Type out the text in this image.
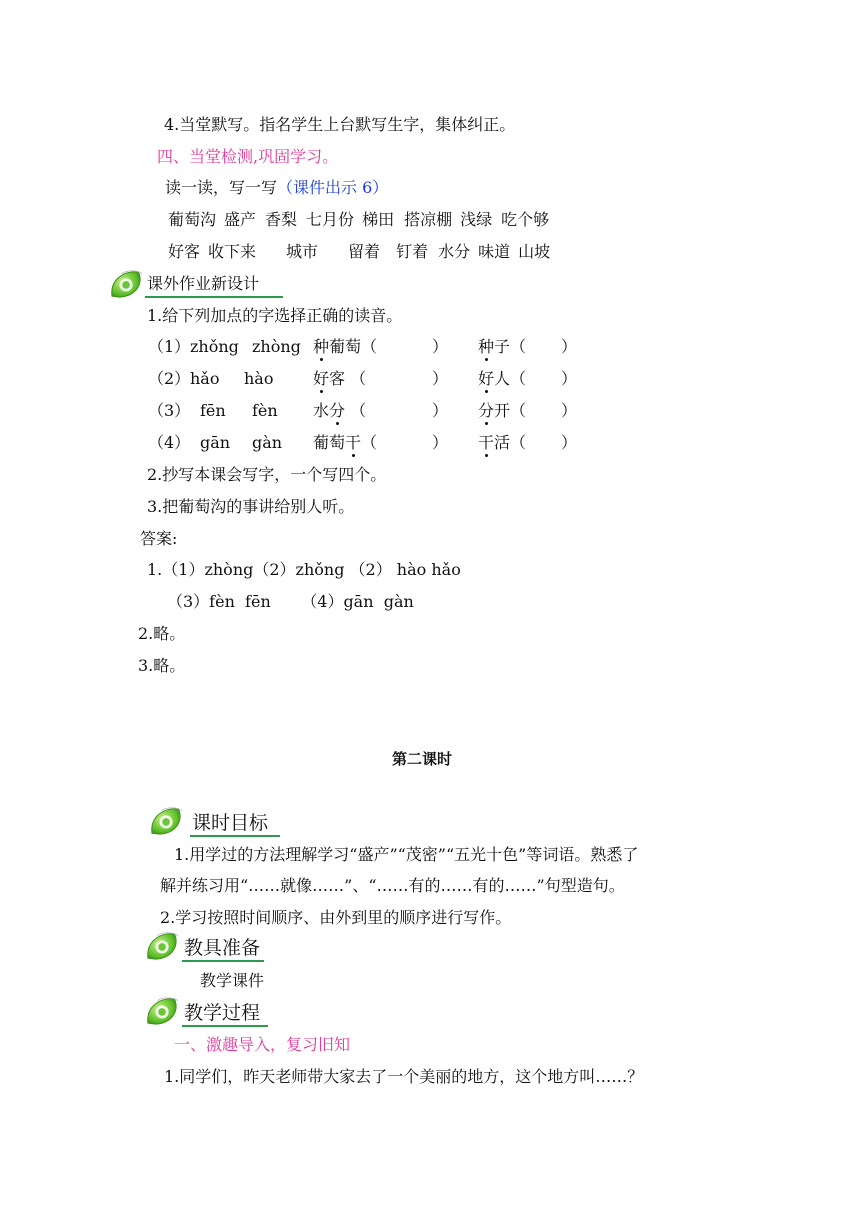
4.当堂默写。指名学生上台默写生字，集体纠正。
四、当堂检测,巩固学习。
读一读，写一写（课件出示 6）
葡萄沟 盛产 香梨 七月份 梯田 搭凉棚 浅绿 吃个够
好客 收下来 城市 留着 钉着 水分 味道 山坡
课外作业新设计
1.给下列加点的字选择正确的读音。
（1） zhǒng zhòng 种葡萄（	） 种子（ ）
（2） hǎo hào 好客 （	） 好人（ ）
（3） fēn fèn 水分 （	） 分开（ ）
（4） gān gàn 葡萄干（	） 干活（ ）
2.抄写本课会写字，一个写四个。
3.把葡萄沟的事讲给别人听。
答案:
1.（1）zhòng（2）zhǒng （2） hào hǎo
（3）fèn  fēn      （4）gān  gàn
2.略。
3.略。
第二课时
课时目标
1.用学过的方法理解学习“盛产”“茂密”“五光十色”等词语。熟悉了
解并练习用“……就像……”、“……有的……有的……”句型造句。
2.学习按照时间顺序、由外到里的顺序进行写作。
教具准备
教学课件
教学过程
一、激趣导入，复习旧知
1.同学们，昨天老师带大家去了一个美丽的地方，这个地方叫……？
